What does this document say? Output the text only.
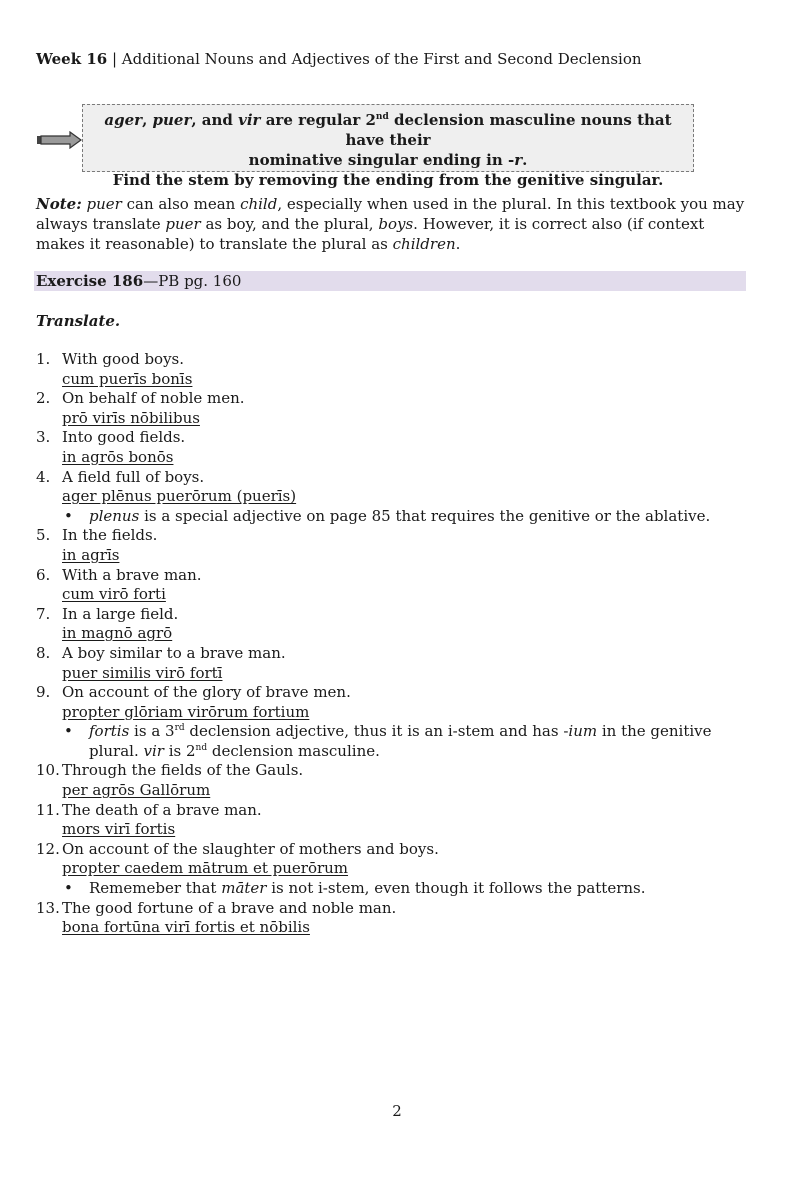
Week 16 | Additional Nouns and Adjectives of the First and Second Declension
ager, puer, and vir are regular 2nd declension masculine nouns that have their
nominative singular ending in -r.
Find the stem by removing the ending from the genitive singular.
Note: puer can also mean child, especially when used in the plural. In this textbook you may always translate puer as boy, and the plural, boys. However, it is correct also (if context makes it reasonable) to translate the plural as children.
Exercise 186—PB pg. 160
Translate.
1. With good boys.
cum puerīs bonīs
2. On behalf of noble men.
prō virīs nōbilibus
3. Into good fields.
in agrōs bonōs
4. A field full of boys.
ager plēnus puerōrum (puerīs)
• plenus is a special adjective on page 85 that requires the genitive or the ablative.
5. In the fields.
in agrīs
6. With a brave man.
cum virō forti
7. In a large field.
in magnō agrō
8. A boy similar to a brave man.
puer similis virō fortī
9. On account of the glory of brave men.
propter glōriam virōrum fortium
• fortis is a 3rd declension adjective, thus it is an i-stem and has -ium in the genitive plural. vir is 2nd declension masculine.
10. Through the fields of the Gauls.
per agrōs Gallōrum
11. The death of a brave man.
mors virī fortis
12. On account of the slaughter of mothers and boys.
propter caedem mātrum et puerōrum
• Rememeber that māter is not i-stem, even though it follows the patterns.
13. The good fortune of a brave and noble man.
bona fortūna virī fortis et nōbilis
2
